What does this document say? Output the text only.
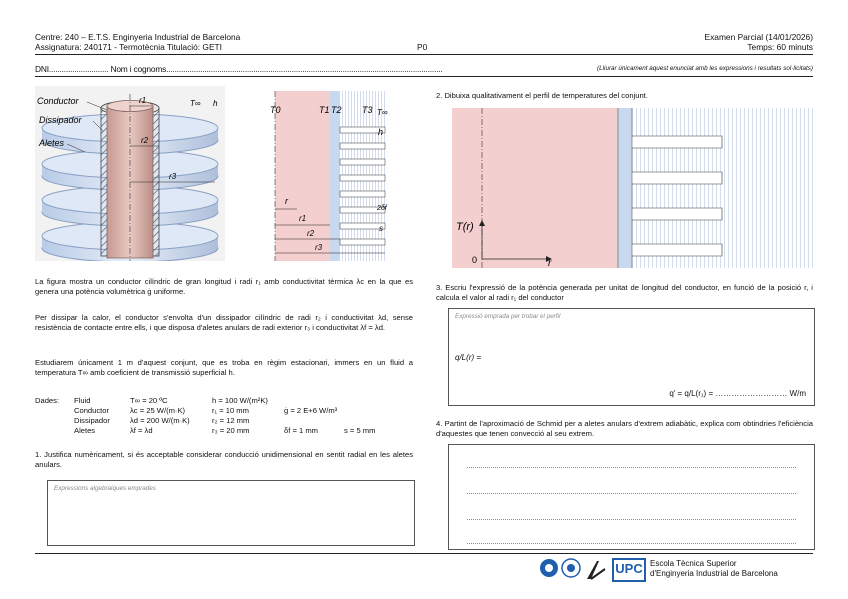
Centre: 240 – E.T.S. Enginyeria Industrial de Barcelona
Assignatura: 240171 - Termotècnia Titulació: GETI	P0
Examen Parcial (14/01/2026)
Temps: 60 minuts
DNI............................ Nom i cognoms..................................................................................................................................	(Lliurar únicament aquest enunciat amb les expressions i resultats sol·licitats)
Conductor
Dissipador
Aletes
T∞ h
r1
r2
r3
T0	T1 T2 T3 T∞
h
r
r1
r2
r3
2δf
s
La figura mostra un conductor cilíndric de gran longitud i radi r₁ amb conductivitat tèrmica λc en la que es genera una potència volumètrica ġ uniforme.
Per dissipar la calor, el conductor s'envolta d'un dissipador cilíndric de radi r₂ i conductivitat λd, sense resistència de contacte entre ells, i que disposa d'aletes anulars de radi exterior r₃ i conductivitat λf = λd.
Estudiarem únicament 1 m d'aquest conjunt, que es troba en règim estacionari, immers en un fluid a temperatura T∞ amb coeficient de transmissió superficial h.
Dades: Fluid	T∞ = 20 ºC	h = 100 W/(m²K)
Conductor	λc = 25 W/(m·K)	r₁ = 10 mm	ġ = 2 E+6 W/m³
Dissipador	λd = 200 W/(m·K)	r₂ = 12 mm
Aletes	λf = λd	r₃ = 20 mm	δf = 1 mm	s = 5 mm
1. Justifica numèricament, si és acceptable considerar conducció unidimensional en sentit radial en les aletes anulars.
Expressions algebraiques emprades
2. Dibuixa qualitativament el perfil de temperatures del conjunt.
T(r)
r
0
3. Escriu l'expressió de la potència generada per unitat de longitud del conductor, en funció de la posició r, i calcula el valor al radi r₁ del conductor
Expressió emprada per trobar el perfil
q/L(r) =
q' = q/L(r₁) = ……………………… W/m
4. Partint de l'aproximació de Schmid per a aletes anulars d'extrem adiabàtic, explica com obtindries l'eficiència d'aquestes que tenen convecció al seu extrem.
UPC Escola Tècnica Superior
d'Enginyeria Industrial de Barcelona
